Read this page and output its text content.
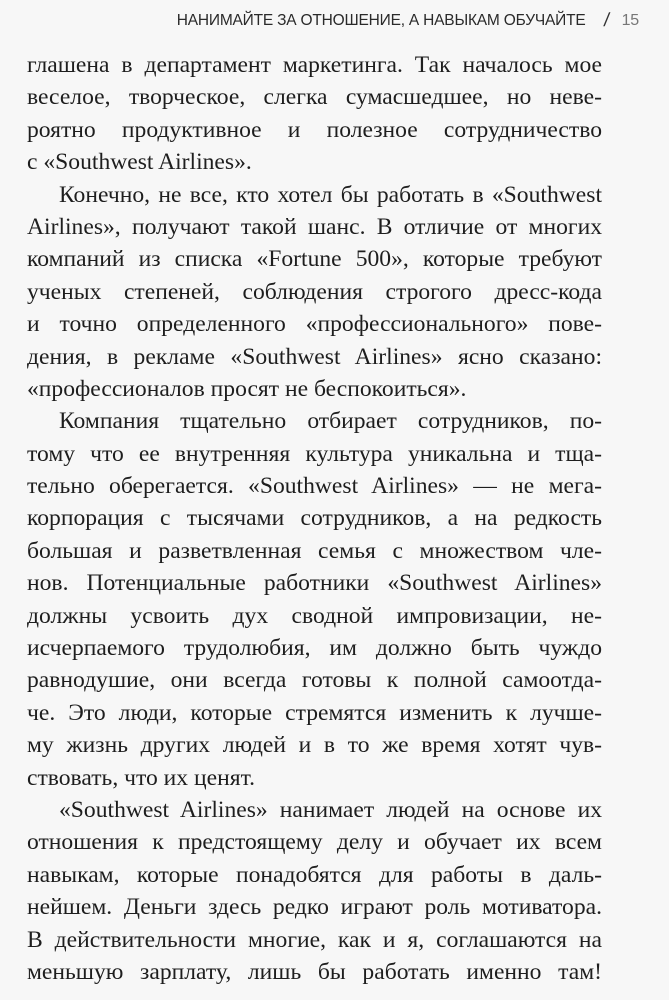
НАНИМАЙТЕ ЗА ОТНОШЕНИЕ, А НАВЫКАМ ОБУЧАЙТЕ / 15
глашена в департамент маркетинга. Так началось мое
веселое, творческое, слегка сумасшедшее, но неве-
роятно продуктивное и полезное сотрудничество
с «Southwest Airlines».
Конечно, не все, кто хотел бы работать в «Southwest
Airlines», получают такой шанс. В отличие от многих
компаний из списка «Fortune 500», которые требуют
ученых степеней, соблюдения строгого дресс-кода
и точно определенного «профессионального» пове-
дения, в рекламе «Southwest Airlines» ясно сказано:
«профессионалов просят не беспокоиться».
Компания тщательно отбирает сотрудников, по-
тому что ее внутренняя культура уникальна и тща-
тельно оберегается. «Southwest Airlines» — не мега-
корпорация с тысячами сотрудников, а на редкость
большая и разветвленная семья с множеством чле-
нов. Потенциальные работники «Southwest Airlines»
должны усвоить дух сводной импровизации, не-
исчерпаемого трудолюбия, им должно быть чуждо
равнодушие, они всегда готовы к полной самоотда-
че. Это люди, которые стремятся изменить к лучше-
му жизнь других людей и в то же время хотят чув-
ствовать, что их ценят.
«Southwest Airlines» нанимает людей на основе их
отношения к предстоящему делу и обучает их всем
навыкам, которые понадобятся для работы в даль-
нейшем. Деньги здесь редко играют роль мотиватора.
В действительности многие, как и я, соглашаются на
меньшую зарплату, лишь бы работать именно там!
